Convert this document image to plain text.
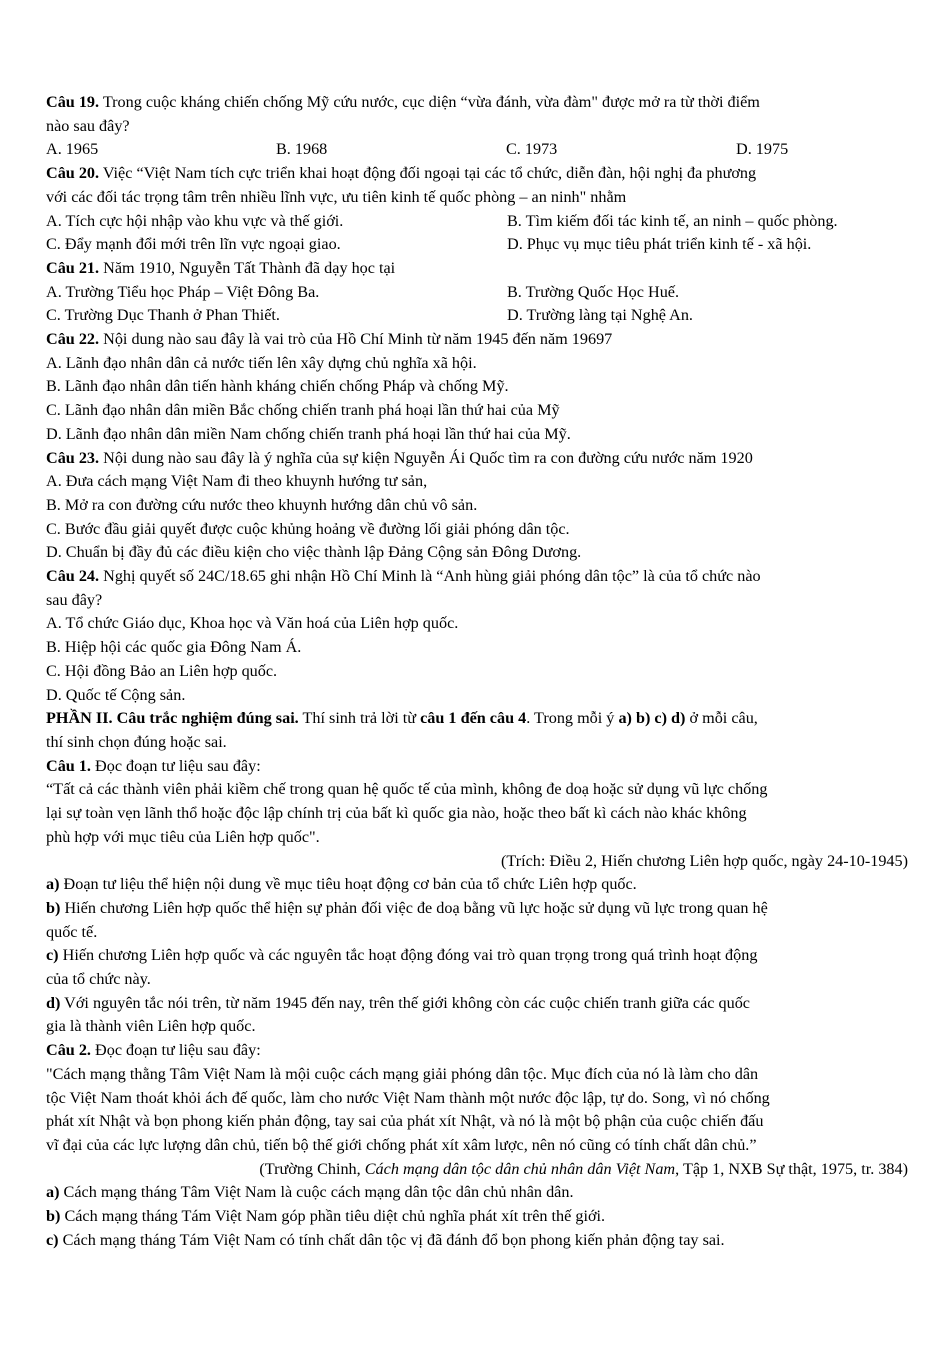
Câu 19. Trong cuộc kháng chiến chống Mỹ cứu nước, cục diện “vừa đánh, vừa đàm" được mở ra từ thời điểm
nào sau đây?
A. 1965	B. 1968	C. 1973	D. 1975
Câu 20. Việc “Việt Nam tích cực triển khai hoạt động đối ngoại tại các tổ chức, diễn đàn, hội nghị đa phương
với các đối tác trọng tâm trên nhiều lĩnh vực, ưu tiên kinh tế quốc phòng – an ninh" nhằm
A. Tích cực hội nhập vào khu vực và thế giới.	B. Tìm kiếm đối tác kinh tế, an ninh – quốc phòng.
C. Đẩy mạnh đổi mới trên lĩn vực ngoại giao.	D. Phục vụ mục tiêu phát triển kinh tế - xã hội.
Câu 21. Năm 1910, Nguyễn Tất Thành đã dạy học tại
A. Trường Tiểu học Pháp – Việt Đông Ba.	B. Trường Quốc Học Huế.
C. Trường Dục Thanh ở Phan Thiết.	D. Trường làng tại Nghệ An.
Câu 22. Nội dung nào sau đây là vai trò của Hồ Chí Minh từ năm 1945 đến năm 19697
A. Lãnh đạo nhân dân cả nước tiến lên xây dựng chủ nghĩa xã hội.
B. Lãnh đạo nhân dân tiến hành kháng chiến chống Pháp và chống Mỹ.
C. Lãnh đạo nhân dân miền Bắc chống chiến tranh phá hoại lần thứ hai của Mỹ
D. Lãnh đạo nhân dân miền Nam chống chiến tranh phá hoại lần thứ hai của Mỹ.
Câu 23. Nội dung nào sau đây là ý nghĩa của sự kiện Nguyễn Ái Quốc tìm ra con đường cứu nước năm 1920
A. Đưa cách mạng Việt Nam đi theo khuynh hướng tư sản,
B. Mở ra con đường cứu nước theo khuynh hướng dân chủ vô sản.
C. Bước đầu giải quyết được cuộc khủng hoảng về đường lối giải phóng dân tộc.
D. Chuẩn bị đầy đủ các điều kiện cho việc thành lập Đảng Cộng sản Đông Dương.
Câu 24. Nghị quyết số 24C/18.65 ghi nhận Hồ Chí Minh là “Anh hùng giải phóng dân tộc” là của tổ chức nào
sau đây?
A. Tổ chức Giáo dục, Khoa học và Văn hoá của Liên hợp quốc.
B. Hiệp hội các quốc gia Đông Nam Á.
C. Hội đồng Bảo an Liên hợp quốc.
D. Quốc tế Cộng sản.
PHẦN II. Câu trắc nghiệm đúng sai. Thí sinh trả lời từ câu 1 đến câu 4. Trong mỗi ý a) b) c) d) ở mỗi câu,
thí sinh chọn đúng hoặc sai.
Câu 1. Đọc đoạn tư liệu sau đây:
“Tất cả các thành viên phải kiềm chế trong quan hệ quốc tế của mình, không đe doạ hoặc sử dụng vũ lực chống
lại sự toàn vẹn lãnh thổ hoặc độc lập chính trị của bất kì quốc gia nào, hoặc theo bất kì cách nào khác không
phù hợp với mục tiêu của Liên hợp quốc".
(Trích: Điều 2, Hiến chương Liên hợp quốc, ngày 24-10-1945)
a) Đoạn tư liệu thể hiện nội dung về mục tiêu hoạt động cơ bản của tổ chức Liên hợp quốc.
b) Hiến chương Liên hợp quốc thể hiện sự phản đối việc đe doạ bằng vũ lực hoặc sử dụng vũ lực trong quan hệ
quốc tế.
c) Hiến chương Liên hợp quốc và các nguyên tắc hoạt động đóng vai trò quan trọng trong quá trình hoạt động
của tổ chức này.
d) Với nguyên tắc nói trên, từ năm 1945 đến nay, trên thế giới không còn các cuộc chiến tranh giữa các quốc
gia là thành viên Liên hợp quốc.
Câu 2. Đọc đoạn tư liệu sau đây:
"Cách mạng thằng Tâm Việt Nam là mội cuộc cách mạng giải phóng dân tộc. Mục đích của nó là làm cho dân
tộc Việt Nam thoát khỏi ách đế quốc, làm cho nước Việt Nam thành một nước độc lập, tự do. Song, vì nó chống
phát xít Nhật và bọn phong kiến phản động, tay sai của phát xít Nhật, và nó là một bộ phận của cuộc chiến đấu
vĩ đại của các lực lượng dân chủ, tiến bộ thế giới chống phát xít xâm lược, nên nó cũng có tính chất dân chủ.”
(Trường Chinh, Cách mạng dân tộc dân chủ nhân dân Việt Nam, Tập 1, NXB Sự thật, 1975, tr. 384)
a) Cách mạng tháng Tâm Việt Nam là cuộc cách mạng dân tộc dân chủ nhân dân.
b) Cách mạng tháng Tám Việt Nam góp phần tiêu diệt chủ nghĩa phát xít trên thế giới.
c) Cách mạng tháng Tám Việt Nam có tính chất dân tộc vị đã đánh đổ bọn phong kiến phản động tay sai.
